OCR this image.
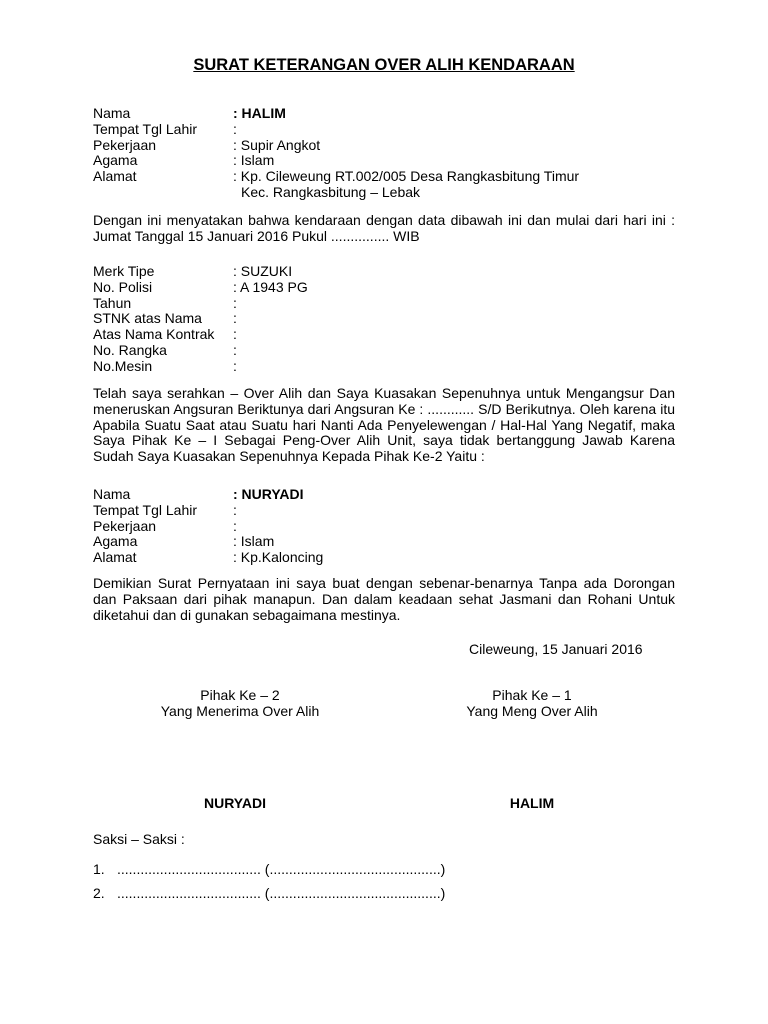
SURAT KETERANGAN OVER ALIH KENDARAAN
Nama	: HALIM
Tempat Tgl Lahir	:
Pekerjaan	: Supir Angkot
Agama	: Islam
Alamat	: Kp. Cileweung RT.002/005 Desa Rangkasbitung Timur
Kec. Rangkasbitung – Lebak

Dengan ini menyatakan bahwa kendaraan dengan data dibawah ini dan mulai dari hari ini : Jumat Tanggal 15 Januari 2016 Pukul ............... WIB

Merk Tipe	: SUZUKI
No. Polisi	: A 1943 PG
Tahun	:
STNK atas Nama	:
Atas Nama Kontrak	:
No. Rangka	:
No.Mesin	:

Telah saya serahkan – Over Alih dan Saya Kuasakan Sepenuhnya untuk Mengangsur Dan meneruskan Angsuran Beriktunya dari Angsuran Ke : ............ S/D Berikutnya. Oleh karena itu Apabila Suatu Saat atau Suatu hari Nanti Ada Penyelewengan / Hal-Hal Yang Negatif, maka Saya Pihak Ke – I Sebagai Peng-Over Alih Unit, saya tidak bertanggung Jawab Karena Sudah Saya Kuasakan Sepenuhnya Kepada Pihak Ke-2 Yaitu :

Nama	: NURYADI
Tempat Tgl Lahir	:
Pekerjaan	:
Agama	: Islam
Alamat	: Kp.Kaloncing

Demikian Surat Pernyataan ini saya buat dengan sebenar-benarnya Tanpa ada Dorongan dan Paksaan dari pihak manapun. Dan dalam keadaan sehat Jasmani dan Rohani Untuk diketahui dan di gunakan sebagaimana mestinya.

Cileweung, 15 Januari 2016
Pihak Ke – 2
Yang Menerima Over Alih
Pihak Ke – 1
Yang Meng Over Alih
NURYADI	HALIM
Saksi – Saksi :
1. ..................................... (............................................)
2. ..................................... (............................................)
